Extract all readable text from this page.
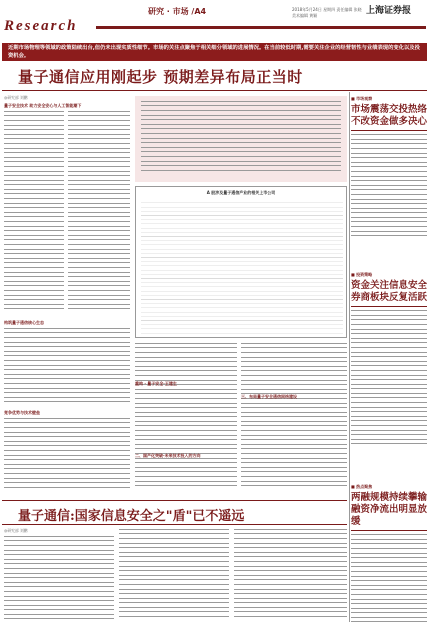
Research
研究 · 市场 /A4	2018年5月24日 星期四 责任编辑 张晓 美术编辑 黄颖	上海证券报
近期市场物理等领域的政策陆续出台,但仍未出现实质性细节。市场的关注点聚焦于相关细分领域的进展情况。在当前较低时期,需要关注企业的经营韧性与业绩表现的变化以及投资机会。
量子通信应用刚起步 预期差异布局正当时
◎研究部 刘鹏
量子安全技术 助力安全安心与人工智能潮下
构筑量子通信核心生态
竞争优势与技术壁垒
A 股涉及量子通信产业的相关上市公司
重构 · 量子安全·王建生
二、国产化突破·未来技术投入的方向
三、布局量子安全通信网络建设
■ 市场观察
市场震荡交投热络不改资金做多决心
■ 投资策略
资金关注信息安全券商板块反复活跃
■ 热点聚焦
两融规模持续攀输融资净流出明显放缓
量子通信:国家信息安全之"盾"已不遥远
◎研究部 刘鹏
